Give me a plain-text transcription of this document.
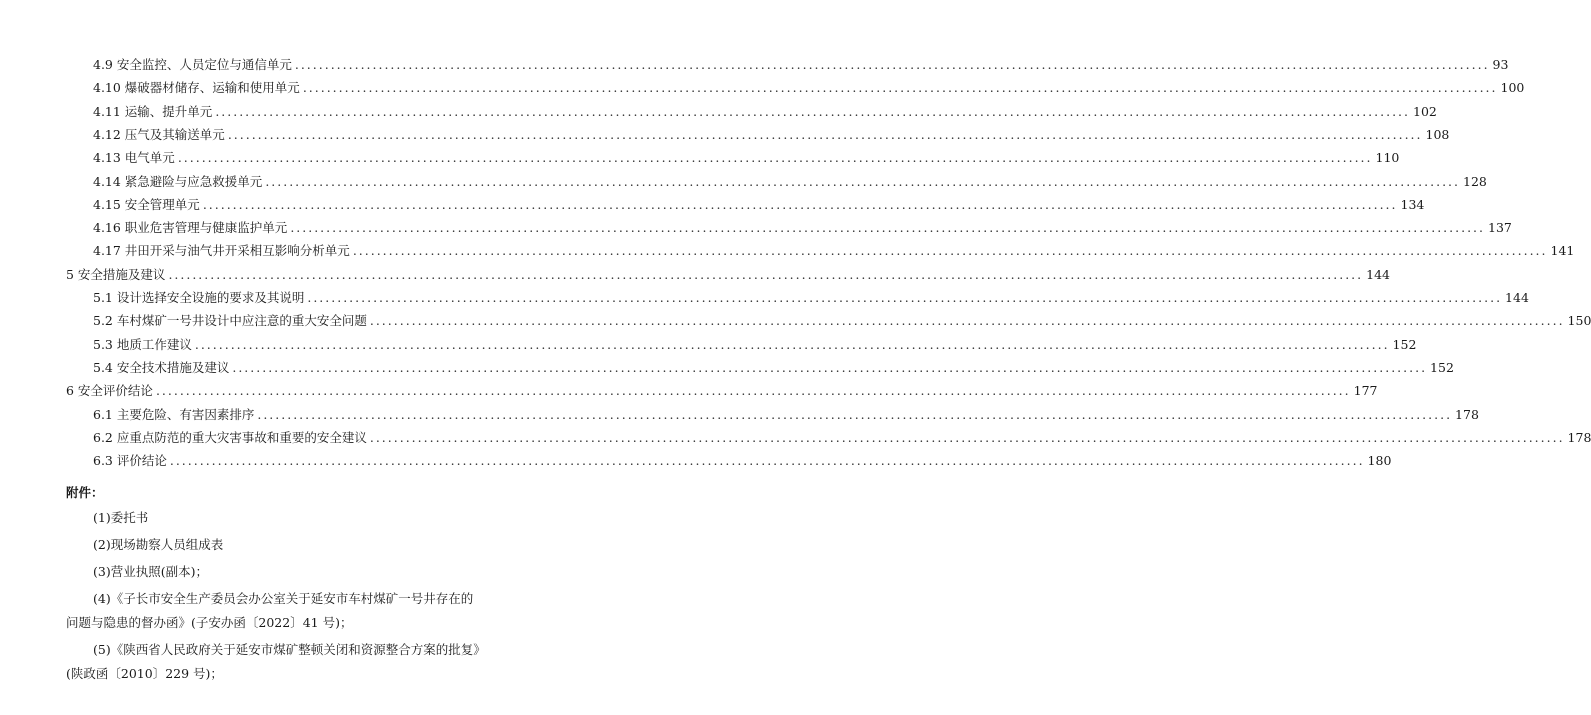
4.9 安全监控、人员定位与通信单元 ........................................................................................................................................................................................................ 93
4.10 爆破器材储存、运输和使用单元 ........................................................................................................................................................................................................ 100
4.11 运输、提升单元 ........................................................................................................................................................................................................ 102
4.12 压气及其输送单元 ........................................................................................................................................................................................................ 108
4.13 电气单元 ........................................................................................................................................................................................................ 110
4.14 紧急避险与应急救援单元 ........................................................................................................................................................................................................ 128
4.15 安全管理单元 ........................................................................................................................................................................................................ 134
4.16 职业危害管理与健康监护单元 ........................................................................................................................................................................................................ 137
4.17 井田开采与油气井开采相互影响分析单元 ........................................................................................................................................................................................................ 141
5 安全措施及建议 ........................................................................................................................................................................................................ 144
5.1 设计选择安全设施的要求及其说明 ........................................................................................................................................................................................................ 144
5.2 车村煤矿一号井设计中应注意的重大安全问题 ........................................................................................................................................................................................................ 150
5.3 地质工作建议 ........................................................................................................................................................................................................ 152
5.4 安全技术措施及建议 ........................................................................................................................................................................................................ 152
6 安全评价结论 ........................................................................................................................................................................................................ 177
6.1 主要危险、有害因素排序 ........................................................................................................................................................................................................ 178
6.2 应重点防范的重大灾害事故和重要的安全建议 ........................................................................................................................................................................................................ 178
6.3 评价结论 ........................................................................................................................................................................................................ 180
附件：
(1)委托书
(2)现场勘察人员组成表
(3)营业执照(副本)；
(4)《子长市安全生产委员会办公室关于延安市车村煤矿一号井存在的
问题与隐患的督办函》(子安办函〔2022〕41 号)；
(5)《陕西省人民政府关于延安市煤矿整顿关闭和资源整合方案的批复》
(陕政函〔2010〕229 号)；
